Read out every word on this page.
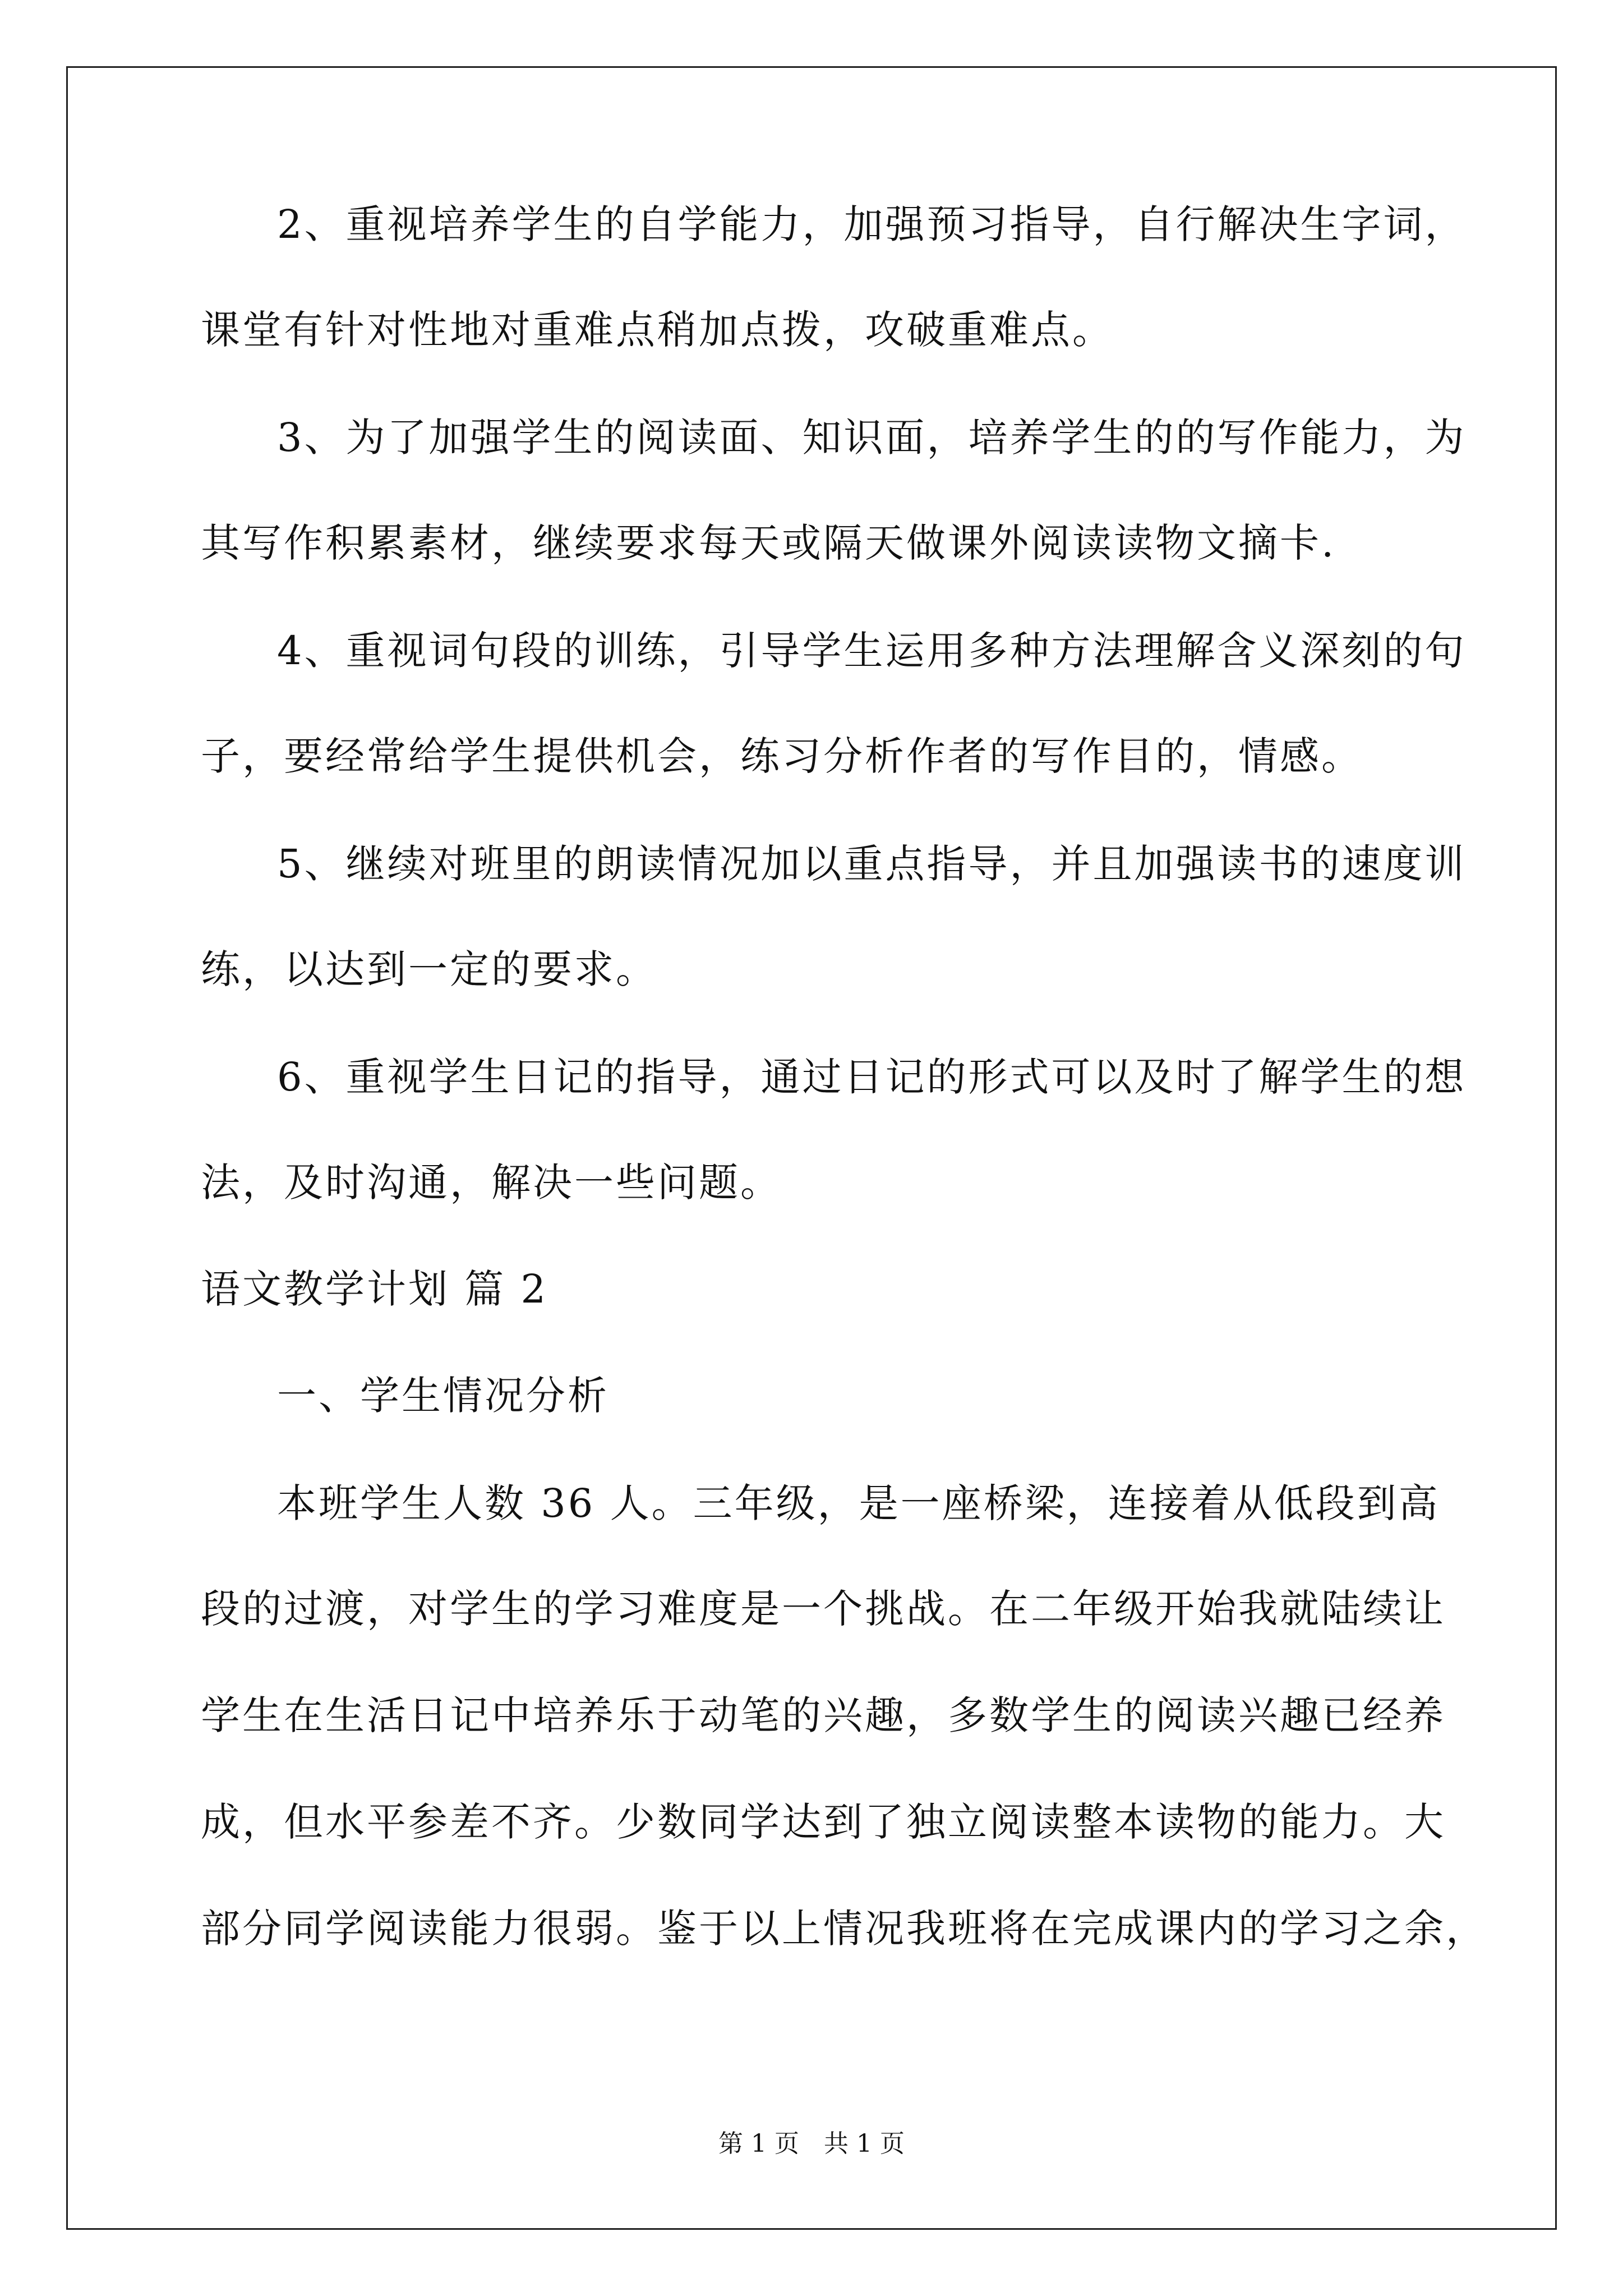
2、重视培养学生的自学能力，加强预习指导，自行解决生字词，
课堂有针对性地对重难点稍加点拨，攻破重难点。
3、为了加强学生的阅读面、知识面，培养学生的的写作能力，为
其写作积累素材，继续要求每天或隔天做课外阅读读物文摘卡.
4、重视词句段的训练，引导学生运用多种方法理解含义深刻的句
子，要经常给学生提供机会，练习分析作者的写作目的，情感。
5、继续对班里的朗读情况加以重点指导，并且加强读书的速度训
练，以达到一定的要求。
6、重视学生日记的指导，通过日记的形式可以及时了解学生的想
法，及时沟通，解决一些问题。
语文教学计划 篇 2
一、学生情况分析
本班学生人数 36 人。三年级，是一座桥梁，连接着从低段到高
段的过渡，对学生的学习难度是一个挑战。在二年级开始我就陆续让
学生在生活日记中培养乐于动笔的兴趣，多数学生的阅读兴趣已经养
成，但水平参差不齐。少数同学达到了独立阅读整本读物的能力。大
部分同学阅读能力很弱。鉴于以上情况我班将在完成课内的学习之余，
第 1 页　共 1 页
